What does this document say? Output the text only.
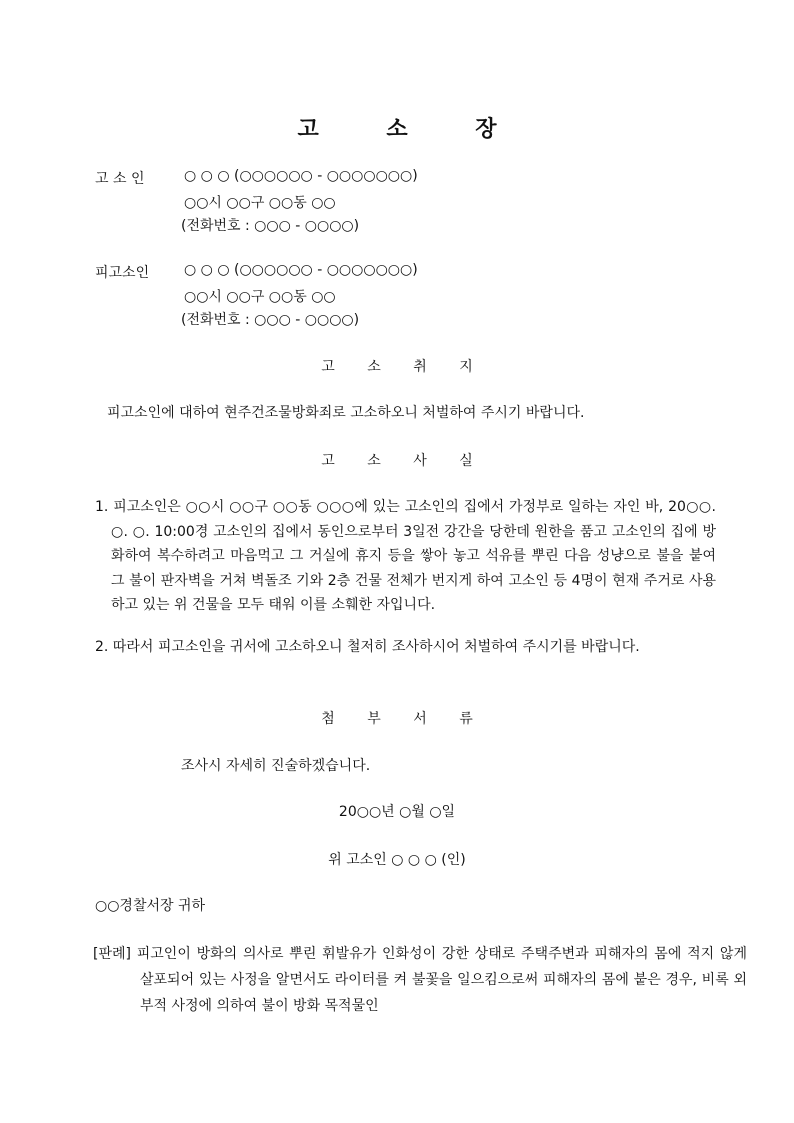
고 소 장
고 소 인	○ ○ ○ (○○○○○○ - ○○○○○○○)
○○시 ○○구 ○○동 ○○
(전화번호 : ○○○ - ○○○○)
피고소인 ○ ○ ○ (○○○○○○ - ○○○○○○○)
○○시 ○○구 ○○동 ○○
(전화번호 : ○○○ - ○○○○)
고 소 취 지
피고소인에 대하여 현주건조물방화죄로 고소하오니 처벌하여 주시기 바랍니다.
고 소 사 실
1. 피고소인은 ○○시 ○○구 ○○동 ○○○에 있는 고소인의 집에서 가정부로 일하는 자인 바, 20○○. ○. ○. 10:00경 고소인의 집에서 동인으로부터 3일전 강간을 당한데 원한을 품고 고소인의 집에 방화하여 복수하려고 마음먹고 그 거실에 휴지 등을 쌓아 놓고 석유를 뿌린 다음 성냥으로 불을 붙여 그 불이 판자벽을 거쳐 벽돌조 기와 2층 건물 전체가 번지게 하여 고소인 등 4명이 현재 주거로 사용하고 있는 위 건물을 모두 태워 이를 소훼한 자입니다.
2. 따라서 피고소인을 귀서에 고소하오니 철저히 조사하시어 처벌하여 주시기를 바랍니다.
첨 부 서 류
조사시 자세히 진술하겠습니다.
20○○년 ○월 ○일
위 고소인 ○ ○ ○ (인)
○○경찰서장 귀하
[판례] 피고인이 방화의 의사로 뿌린 휘발유가 인화성이 강한 상태로 주택주변과 피해자의 몸에 적지 않게 살포되어 있는 사정을 알면서도 라이터를 켜 불꽃을 일으킴으로써 피해자의 몸에 붙은 경우, 비록 외부적 사정에 의하여 불이 방화 목적물인
